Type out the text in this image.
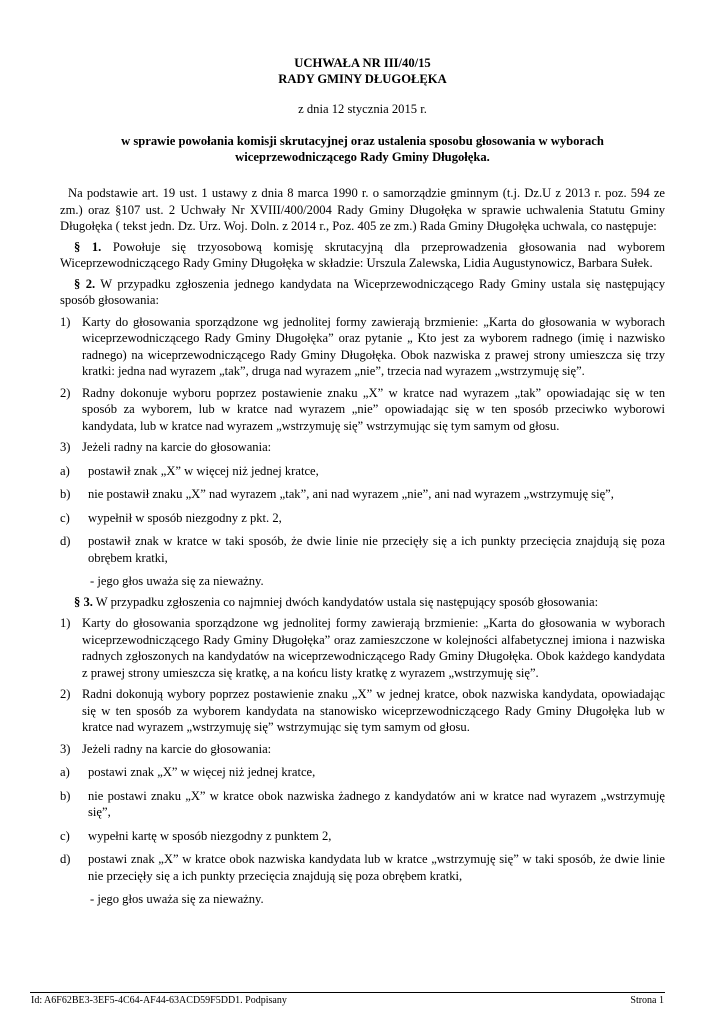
UCHWAŁA NR III/40/15
RADY GMINY DŁUGOŁĘKA
z dnia 12 stycznia 2015 r.
w sprawie powołania komisji skrutacyjnej oraz ustalenia sposobu głosowania w wyborach
wiceprzewodniczącego Rady Gminy Długołęka.

Na podstawie art. 19 ust. 1 ustawy z dnia 8 marca 1990 r. o samorządzie gminnym (t.j. Dz.U z 2013 r. poz. 594 ze zm.) oraz §107 ust. 2 Uchwały Nr XVIII/400/2004 Rady Gminy Długołęka w sprawie uchwalenia Statutu Gminy Długołęka ( tekst jedn. Dz. Urz. Woj. Doln. z 2014 r., Poz. 405 ze zm.) Rada Gminy Długołęka uchwala, co następuje:

§ 1. Powołuje się trzyosobową komisję skrutacyjną dla przeprowadzenia głosowania nad wyborem Wiceprzewodniczącego Rady Gminy Długołęka w składzie: Urszula Zalewska, Lidia Augustynowicz, Barbara Sułek.

§ 2. W przypadku zgłoszenia jednego kandydata na Wiceprzewodniczącego Rady Gminy ustala się następujący sposób głosowania:

1) Karty do głosowania sporządzone wg jednolitej formy zawierają brzmienie: „Karta do głosowania w wyborach wiceprzewodniczącego Rady Gminy Długołęka” oraz pytanie „ Kto jest za wyborem radnego (imię i nazwisko radnego) na wiceprzewodniczącego Rady Gminy Długołęka. Obok nazwiska z prawej strony umieszcza się trzy kratki: jedna nad wyrazem „tak”, druga nad wyrazem „nie”, trzecia nad wyrazem „wstrzymuję się”.

2) Radny dokonuje wyboru poprzez postawienie znaku „X” w kratce nad wyrazem „tak” opowiadając się w ten sposób za wyborem, lub w kratce nad wyrazem „nie” opowiadając się w ten sposób przeciwko wyborowi kandydata, lub w kratce nad wyrazem „wstrzymuję się” wstrzymując się tym samym od głosu.

3) Jeżeli radny na karcie do głosowania:

a) postawił znak „X” w więcej niż jednej kratce,

b) nie postawił znaku „X” nad wyrazem „tak”, ani nad wyrazem „nie”, ani nad wyrazem „wstrzymuję się”,

c) wypełnił w sposób niezgodny z pkt. 2,

d) postawił znak w kratce w taki sposób, że dwie linie nie przecięły się a ich punkty przecięcia znajdują się poza obrębem kratki,

- jego głos uważa się za nieważny.

§ 3. W przypadku zgłoszenia co najmniej dwóch kandydatów ustala się następujący sposób głosowania:

1) Karty do głosowania sporządzone wg jednolitej formy zawierają brzmienie: „Karta do głosowania w wyborach wiceprzewodniczącego Rady Gminy Długołęka” oraz zamieszczone w kolejności alfabetycznej imiona i nazwiska radnych zgłoszonych na kandydatów na wiceprzewodniczącego Rady Gminy Długołęka. Obok każdego kandydata z prawej strony umieszcza się kratkę, a na końcu listy kratkę z wyrazem „wstrzymuję się”.

2) Radni dokonują wybory poprzez postawienie znaku „X” w jednej kratce, obok nazwiska kandydata, opowiadając się w ten sposób za wyborem kandydata na stanowisko wiceprzewodniczącego Rady Gminy Długołęka lub w kratce nad wyrazem „wstrzymuję się” wstrzymując się tym samym od głosu.

3) Jeżeli radny na karcie do głosowania:

a) postawi znak „X” w więcej niż jednej kratce,

b) nie postawi znaku „X” w kratce obok nazwiska żadnego z kandydatów ani w kratce nad wyrazem „wstrzymuję się”,

c) wypełni kartę w sposób niezgodny z punktem 2,

d) postawi znak „X” w kratce obok nazwiska kandydata lub w kratce „wstrzymuję się” w taki sposób, że dwie linie nie przecięły się a ich punkty przecięcia znajdują się poza obrębem kratki,

- jego głos uważa się za nieważny.

Id: A6F62BE3-3EF5-4C64-AF44-63ACD59F5DD1. Podpisany	Strona 1
